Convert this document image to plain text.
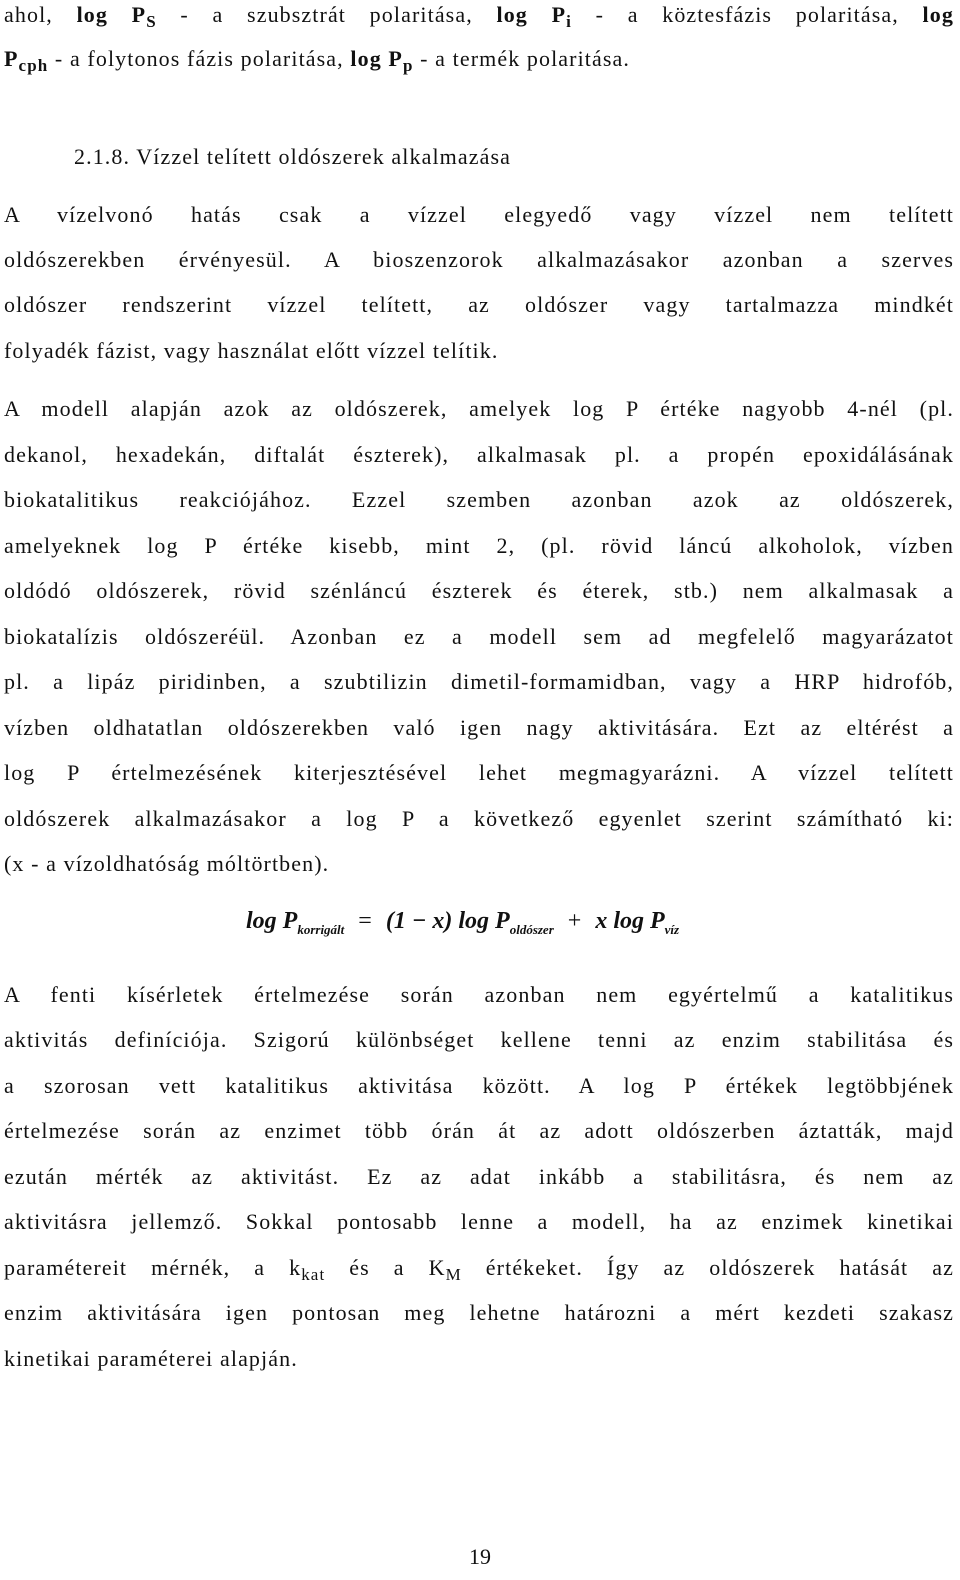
ahol, $\log P_S$ - a szubsztrát polaritása, $\log P_i$ - a köztesfázis polaritása, log
$P_{cph}$ - a folytonos fázis polaritása, $\log P_p$ - a termék polaritása.
2.1.8. Vízzel telített oldószerek alkalmazása
A vízelvonó hatás csak a vízzel elegyedő vagy vízzel nem telített
oldószerekben érvényesül. A bioszenzorok alkalmazásakor azonban a szerves
oldószer rendszerint vízzel telített, az oldószer vagy tartalmazza mindkét
folyadék fázist, vagy használat előtt vízzel telítik.
A modell alapján azok az oldószerek, amelyek log P értéke nagyobb 4-nél (pl.
dekanol, hexadekán, diftalát észterek), alkalmasak pl. a propén epoxidálásának
biokatalitikus reakciójához. Ezzel szemben azonban azok az oldószerek,
amelyeknek log P értéke kisebb, mint 2, (pl. rövid láncú alkoholok, vízben
oldódó oldószerek, rövid szénláncú észterek és éterek, stb.) nem alkalmasak a
biokatalízis oldószeréül. Azonban ez a modell sem ad megfelelő magyarázatot
pl. a lipáz piridinben, a szubtilizin dimetil-formamidban, vagy a HRP hidrofób,
vízben oldhatatlan oldószerekben való igen nagy aktivitására. Ezt az eltérést a
log P értelmezésének kiterjesztésével lehet megmagyarázni. A vízzel telített
oldószerek alkalmazásakor a log P a következő egyenlet szerint számítható ki:
(x - a vízoldhatóság móltörtben).
$\log P_{korrigált} = (1 - x)$ $\log P_{oldószer} + x$ $\log P_{víz}$
A fenti kísérletek értelmezése során azonban nem egyértelmű a katalitikus
aktivitás definíciója. Szigorú különbséget kellene tenni az enzim stabilitása és
a szorosan vett katalitikus aktivitása között. A log P értékek legtöbbjének
értelmezése során az enzimet több órán át az adott oldószerben áztatták, majd
ezután mérték az aktivitást. Ez az adat inkább a stabilitásra, és nem az
aktivitásra jellemző. Sokkal pontosabb lenne a modell, ha az enzimek kinetikai
paramétereit mérnék, a $k_{kat}$ és a $K_M$ értékeket. Így az oldószerek hatását az
enzim aktivitására igen pontosan meg lehetne határozni a mért kezdeti szakasz
kinetikai paraméterei alapján.
19
